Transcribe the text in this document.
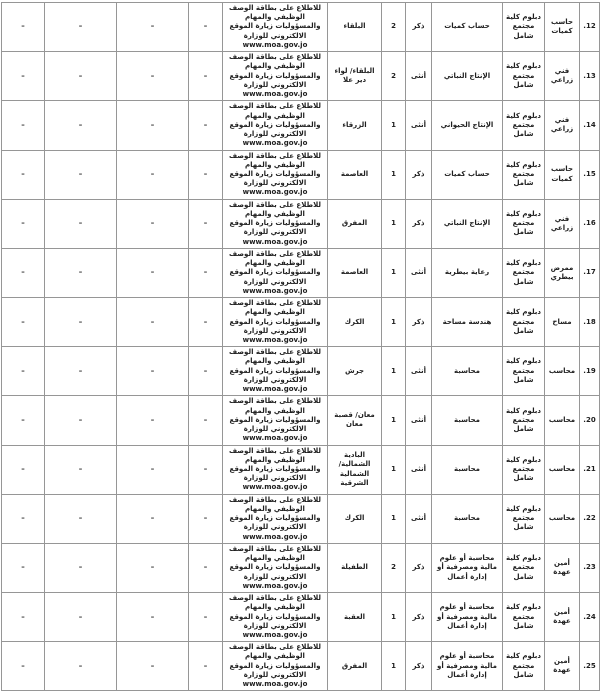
12.	حاسب كميات	دبلوم كلية مجتمع شامل	حساب كميات	ذكر	2	البلقاء	للاطلاع على بطاقة الوصف الوظيفي والمهام والمسؤوليات زيارة الموقع الالكتروني للوزارة www.moa.gov.jo	–	–	–	–
13.	فني زراعي	دبلوم كلية مجتمع شامل	الإنتاج النباتي	أنثى	2	البلقاء/ لواء دير علا	للاطلاع على بطاقة الوصف الوظيفي والمهام والمسؤوليات زيارة الموقع الالكتروني للوزارة www.moa.gov.jo	–	–	–	–
14.	فني زراعي	دبلوم كلية مجتمع شامل	الإنتاج الحيواني	أنثى	1	الزرقاء	للاطلاع على بطاقة الوصف الوظيفي والمهام والمسؤوليات زيارة الموقع الالكتروني للوزارة www.moa.gov.jo	–	–	–	–
15.	حاسب كميات	دبلوم كلية مجتمع شامل	حساب كميات	ذكر	1	العاصمة	للاطلاع على بطاقة الوصف الوظيفي والمهام والمسؤوليات زيارة الموقع الالكتروني للوزارة www.moa.gov.jo	–	–	–	–
16.	فني زراعي	دبلوم كلية مجتمع شامل	الإنتاج النباتي	ذكر	1	المفرق	للاطلاع على بطاقة الوصف الوظيفي والمهام والمسؤوليات زيارة الموقع الالكتروني للوزارة www.moa.gov.jo	–	–	–	–
17.	ممرض بيطري	دبلوم كلية مجتمع شامل	رعاية بيطرية	أنثى	1	العاصمة	للاطلاع على بطاقة الوصف الوظيفي والمهام والمسؤوليات زيارة الموقع الالكتروني للوزارة www.moa.gov.jo	–	–	–	–
18.	مساح	دبلوم كلية مجتمع شامل	هندسة مساحة	ذكر	1	الكرك	للاطلاع على بطاقة الوصف الوظيفي والمهام والمسؤوليات زيارة الموقع الالكتروني للوزارة www.moa.gov.jo	–	–	–	–
19.	محاسب	دبلوم كلية مجتمع شامل	محاسبة	أنثى	1	جرش	للاطلاع على بطاقة الوصف الوظيفي والمهام والمسؤوليات زيارة الموقع الالكتروني للوزارة www.moa.gov.jo	–	–	–	–
20.	محاسب	دبلوم كلية مجتمع شامل	محاسبة	أنثى	1	معان/ قصبة معان	للاطلاع على بطاقة الوصف الوظيفي والمهام والمسؤوليات زيارة الموقع الالكتروني للوزارة www.moa.gov.jo	–	–	–	–
21.	محاسب	دبلوم كلية مجتمع شامل	محاسبة	أنثى	1	البادية الشمالية/ الشمالية الشرقية	للاطلاع على بطاقة الوصف الوظيفي والمهام والمسؤوليات زيارة الموقع الالكتروني للوزارة www.moa.gov.jo	–	–	–	–
22.	محاسب	دبلوم كلية مجتمع شامل	محاسبة	أنثى	1	الكرك	للاطلاع على بطاقة الوصف الوظيفي والمهام والمسؤوليات زيارة الموقع الالكتروني للوزارة www.moa.gov.jo	–	–	–	–
23.	أمين عهدة	دبلوم كلية مجتمع شامل	محاسبة أو علوم مالية ومصرفية أو إدارة أعمال	ذكر	2	الطفيلة	للاطلاع على بطاقة الوصف الوظيفي والمهام والمسؤوليات زيارة الموقع الالكتروني للوزارة www.moa.gov.jo	–	–	–	–
24.	أمين عهدة	دبلوم كلية مجتمع شامل	محاسبة أو علوم مالية ومصرفية أو إدارة أعمال	ذكر	1	العقبة	للاطلاع على بطاقة الوصف الوظيفي والمهام والمسؤوليات زيارة الموقع الالكتروني للوزارة www.moa.gov.jo	–	–	–	–
25.	أمين عهدة	دبلوم كلية مجتمع شامل	محاسبة أو علوم مالية ومصرفية أو إدارة أعمال	ذكر	1	المفرق	للاطلاع على بطاقة الوصف الوظيفي والمهام والمسؤوليات زيارة الموقع الالكتروني للوزارة www.moa.gov.jo	–	–	–	–
